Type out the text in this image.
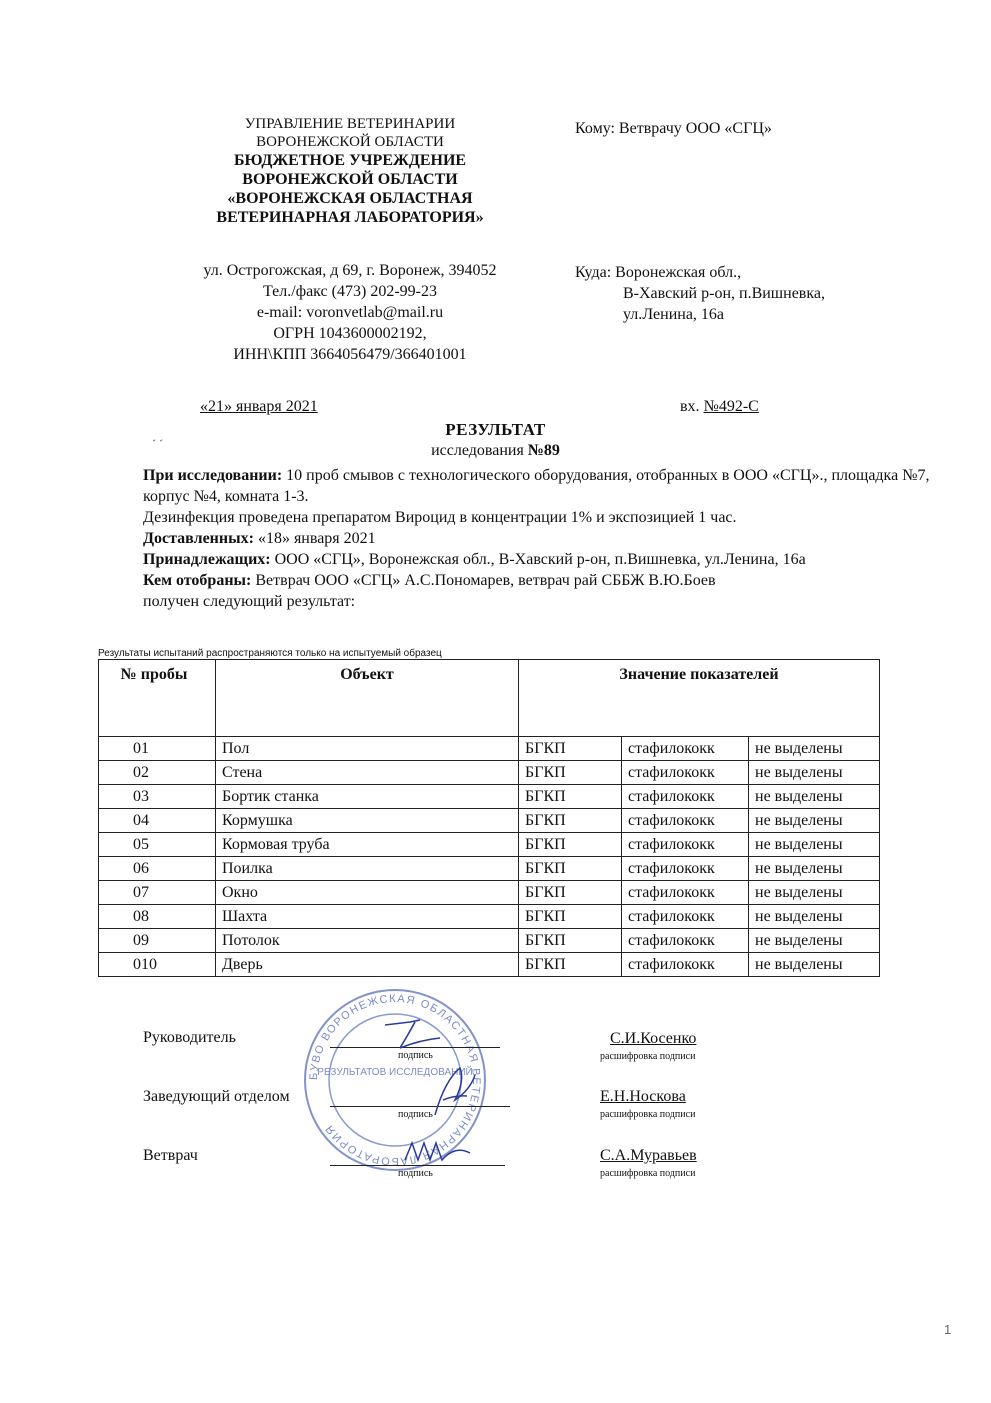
УПРАВЛЕНИЕ ВЕТЕРИНАРИИ
ВОРОНЕЖСКОЙ ОБЛАСТИ
БЮДЖЕТНОЕ УЧРЕЖДЕНИЕ
ВОРОНЕЖСКОЙ ОБЛАСТИ
«ВОРОНЕЖСКАЯ ОБЛАСТНАЯ
ВЕТЕРИНАРНАЯ ЛАБОРАТОРИЯ»
ул. Острогожская, д 69, г. Воронеж, 394052
Тел./факс (473) 202-99-23
e-mail: voronvetlab@mail.ru
ОГРН 1043600002192,
ИНН\КПП 3664056479/366401001
Кому: Ветврачу ООО «СГЦ»
Куда: Воронежская обл.,
В-Хавский р-он, п.Вишневка,
ул.Ленина, 16а
«21» января 2021	вх. №492-С
РЕЗУЛЬТАТ
ˊ ˊ	исследования №89
При исследовании: 10 проб смывов с технологического оборудования, отобранных в ООО «СГЦ»., площадка №7, корпус №4, комната 1-3.
Дезинфекция проведена препаратом Вироцид в концентрации 1% и экспозицией 1 час.
Доставленных: «18» января 2021
Принадлежащих: ООО «СГЦ», Воронежская обл., В-Хавский р-он, п.Вишневка, ул.Ленина, 16а
Кем отобраны: Ветврач ООО «СГЦ» А.С.Пономарев, ветврач рай СББЖ В.Ю.Боев
получен следующий результат:
Результаты испытаний распространяются только на испытуемый образец
№ пробы	Объект	Значение показателей		
01	Пол	БГКП	стафилококк	не выделены
02	Стена	БГКП	стафилококк	не выделены
03	Бортик станка	БГКП	стафилококк	не выделены
04	Кормушка	БГКП	стафилококк	не выделены
05	Кормовая труба	БГКП	стафилококк	не выделены
06	Поилка	БГКП	стафилококк	не выделены
07	Окно	БГКП	стафилококк	не выделены
08	Шахта	БГКП	стафилококк	не выделены
09	Потолок	БГКП	стафилококк	не выделены
010	Дверь	БГКП	стафилококк	не выделены
БУВО ВОРОНЕЖСКАЯ ОБЛАСТНАЯ ВЕТЕРИНАРНАЯ ЛАБОРАТОРИЯ
РЕЗУЛЬТАТОВ ИССЛЕДОВАНИЙ
Руководитель
подпись
С.И.Косенко
расшифровка подписи
Заведующий отделом
подпись
Е.Н.Носкова
расшифровка подписи
Ветврач
подпись
С.А.Муравьев
расшифровка подписи
1
